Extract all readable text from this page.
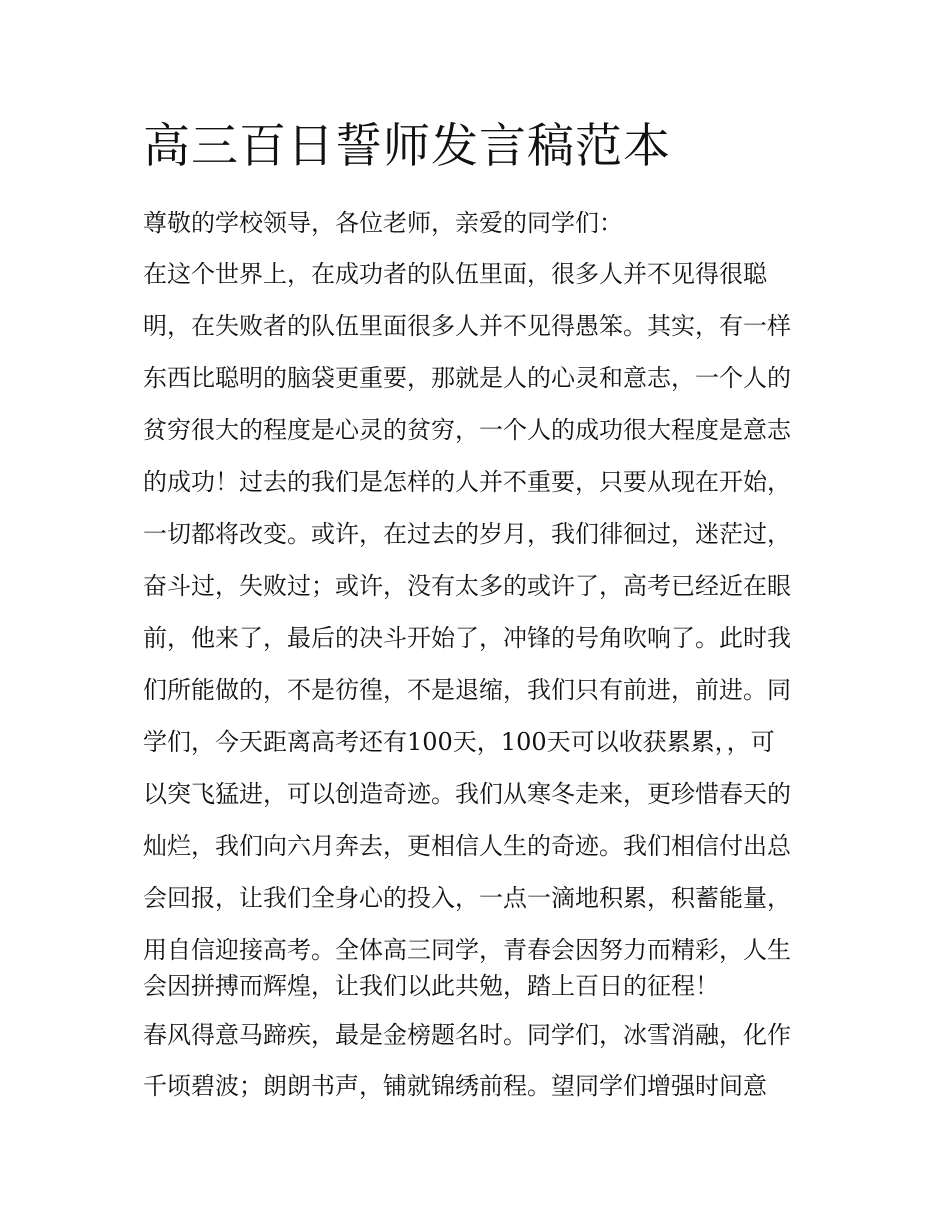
高三百日誓师发言稿范本

尊敬的学校领导，各位老师，亲爱的同学们：

在这个世界上，在成功者的队伍里面，很多人并不见得很聪

明，在失败者的队伍里面很多人并不见得愚笨。其实，有一样

东西比聪明的脑袋更重要，那就是人的心灵和意志，一个人的

贫穷很大的程度是心灵的贫穷，一个人的成功很大程度是意志

的成功！过去的我们是怎样的人并不重要，只要从现在开始，

一切都将改变。或许，在过去的岁月，我们徘徊过，迷茫过，

奋斗过，失败过；或许，没有太多的或许了，高考已经近在眼

前，他来了，最后的决斗开始了，冲锋的号角吹响了。此时我

们所能做的，不是彷徨，不是退缩，我们只有前进，前进。同

学们，今天距离高考还有100天，100天可以收获累累，，可

以突飞猛进，可以创造奇迹。我们从寒冬走来，更珍惜春天的

灿烂，我们向六月奔去，更相信人生的奇迹。我们相信付出总

会回报，让我们全身心的投入，一点一滴地积累，积蓄能量，

用自信迎接高考。全体高三同学，青春会因努力而精彩，人生

会因拼搏而辉煌，让我们以此共勉，踏上百日的征程！

春风得意马蹄疾，最是金榜题名时。同学们，冰雪消融，化作

千顷碧波；朗朗书声，铺就锦绣前程。望同学们增强时间意
